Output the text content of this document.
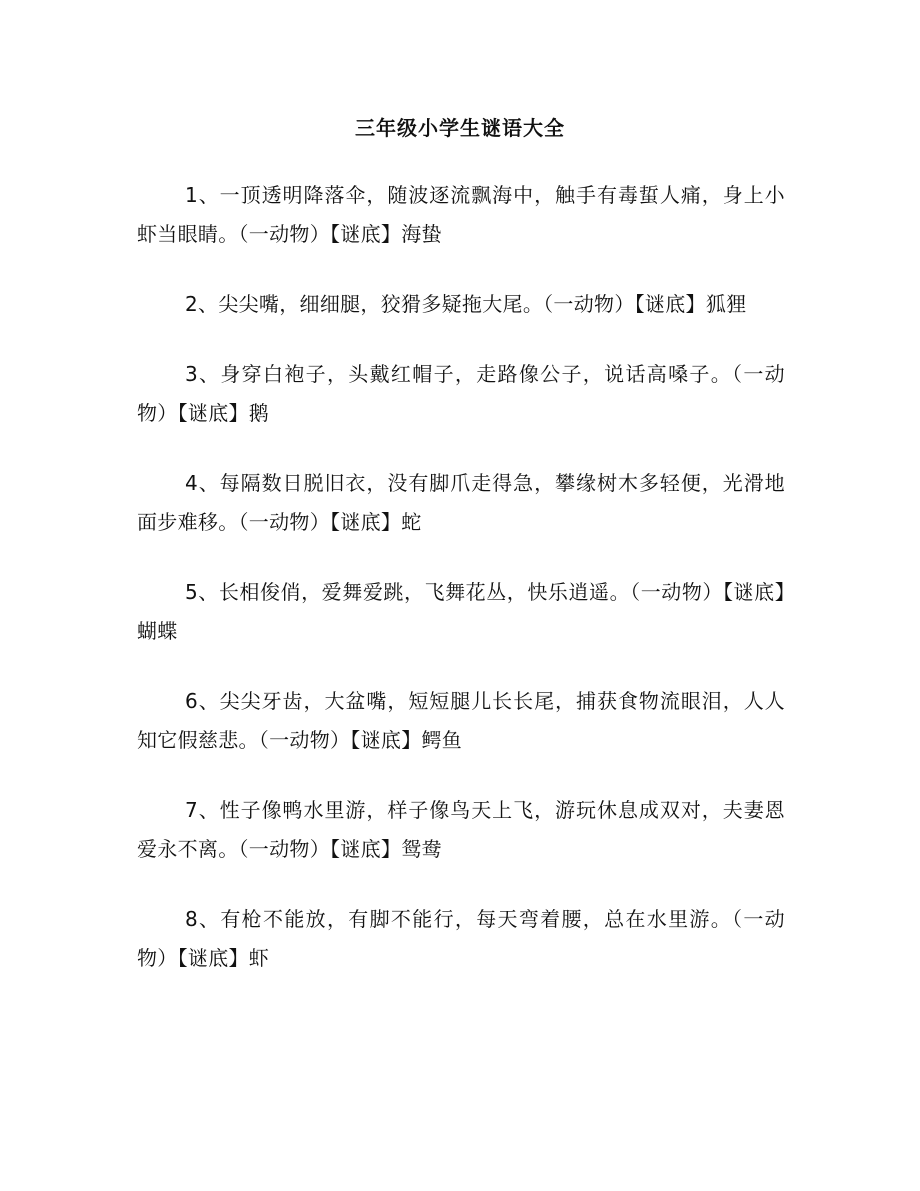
三年级小学生谜语大全
1、一顶透明降落伞，随波逐流飘海中，触手有毒蜇人痛，身上小虾当眼睛。（一动物）【谜底】海蛰
2、尖尖嘴，细细腿，狡猾多疑拖大尾。（一动物）【谜底】狐狸
3、身穿白袍子，头戴红帽子，走路像公子，说话高嗓子。（一动物）【谜底】鹅
4、每隔数日脱旧衣，没有脚爪走得急，攀缘树木多轻便，光滑地面步难移。（一动物）【谜底】蛇
5、长相俊俏，爱舞爱跳，飞舞花丛，快乐逍遥。（一动物）【谜底】蝴蝶
6、尖尖牙齿，大盆嘴，短短腿儿长长尾，捕获食物流眼泪，人人知它假慈悲。（一动物）【谜底】鳄鱼
7、性子像鸭水里游，样子像鸟天上飞，游玩休息成双对，夫妻恩爱永不离。（一动物）【谜底】鸳鸯
8、有枪不能放，有脚不能行，每天弯着腰，总在水里游。（一动物）【谜底】虾
